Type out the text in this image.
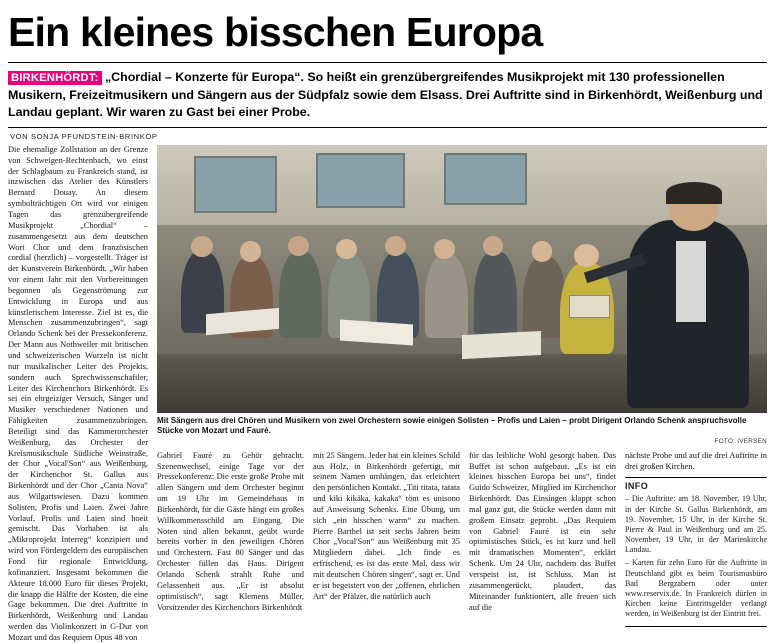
Ein kleines bisschen Europa
BIRKENHÖRDT: „Chordial – Konzerte für Europa“. So heißt ein grenzübergreifendes Musikprojekt mit 130 professionellen Musikern, Freizeitmusikern und Sängern aus der Südpfalz sowie dem Elsass. Drei Auftritte sind in Birkenhördt, Weißenburg und Landau geplant. Wir waren zu Gast bei einer Probe.
VON SONJA PFUNDSTEIN-BRINKOP
Die ehemalige Zollstation an der Grenze von Schweigen-Rechtenbach, wo einst der Schlagbaum zu Frankreich stand, ist inzwischen das Atelier des Künstlers Bernard Douay. An diesem symbolträchtigen Ort wird vor einigen Tagen das grenzübergreifende Musikprojekt „Chordial“ – zusammengesetzt aus dem deutschen Wort Chor und dem französischen cordial (herzlich) – vorgestellt. Träger ist der Kunstverein Birkenhördt. „Wir haben vor einem Jahr mit den Vorbereitungen begonnen als Gegenströmung zur Entwicklung in Europa und aus künstlerischem Interesse. Ziel ist es, die Menschen zusammenzubringen“, sagt Orlando Schenk bei der Pressekonferenz. Der Mann aus Nothweiler mit britischen und schweizerischen Wurzeln ist nicht nur musikalischer Leiter des Projekts, sondern auch Sprechwissenschaftler, Leiter des Kirchenchors Birkenhördt. Es sei ein ehrgeiziger Versuch, Sänger und Musiker verschiedener Nationen und Fähigkeiten zusammenzubringen. Beteiligt sind das Kammerorchester Weißenburg, das Orchester der Kreismusikschule Südliche Weinstraße, der Chor „Vocal'Son“ aus Weißenburg, der Kirchenchor St. Gallus aus Birkenhördt und der Chor „Canta Nova“ aus Wilgartswiesen. Dazu kommen Solisten, Profis und Laien. Zwei Jahre Vorlauf, Profis und Laien sind hoeit gemischt. Das Vorhaben ist als „Mikroprojekt Interreg“ konzipiert und wird von Fördergeldern des europäischen Fond für regionale Entwicklung, kofinanziert. Insgesamt bekommen die Akteure 18.000 Euro für dieses Projekt, die knapp die Hälfte der Kosten, die eine Gage bekommen. Die drei Auftritte in Birkenhördt, Weißenburg und Landau werden das Violinkonzert in G-Dur von Mozart und das Requiem Opus 48 von
Mit Sängern aus drei Chören und Musikern von zwei Orchestern sowie einigen Solisten – Profis und Laien – probt Dirigent Orlando Schenk anspruchsvolle Stücke von Mozart und Fauré.
FOTO: IVERSEN
Gabriel Fauré zu Gehör gebracht. Szenenwechsel, einige Tage vor der Pressekonferenz: Die erste große Probe mit allen Sängern und dem Orchester beginnt um 19 Uhr im Gemeindehaus in Birkenhördt, für die Gäste hängt ein großes Willkommensschild am Eingang. Die Noten sind allen bekannt, geübt wurde bereits vorher in den jeweiligen Chören und Orchestern. Fast 80 Sänger und das Orchester füllen das Haus. Dirigent Orlando Schenk strahlt Ruhe und Gelassenheit aus. „Er ist absolut optimistisch“, sagt Klemens Müller, Vorsitzender des Kirchenchors Birkenhördt
mit 25 Sängern. Jeder hat ein kleines Schild aus Holz, in Birkenhördt gefertigt, mit seinem Namen umhängen, das erleichtert den persönlichen Kontakt. „Titi titata, tatata und kiki kikäka, kakaka“ tönt es unisono auf Anweisung Schenks. Eine Übung, um sich „ein bisschen warm“ zu machen. Pierre Barthel ist seit sechs Jahren beim Chor „Vocal'Son“ aus Weißenburg mit 35 Mitgliedern dabei. „Ich finde es erfrischend, es ist das erste Mal, dass wir mit deutschen Chören singen“, sagt er. Und er ist begeistert von der „offenen, ehrlichen Art“ der Pfälzer, die natürlich auch
für das leibliche Wohl gesorgt haben. Das Buffet ist schon aufgebaut. „Es ist ein kleines bisschen Europa bei uns“, findet Guido Schweizer, Mitglied im Kirchenchor Birkenhördt. Das Einsingen klappt schon mal ganz gut, die Stücke werden dann mit großem Einsatz geprobt. „Das Requiem von Gabriel Fauré ist ein sehr optimistisches Stück, es ist kurz und hell mit dramatischen Momenten“, erklärt Schenk. Um 24 Uhr, nachdem das Buffet verspeist ist, ist Schluss. Man ist zusammengerückt, plaudert, das Miteinander funktioniert, alle freuen sich auf die
nächste Probe und auf die drei Auftritte in drei großen Kirchen.
INFO
– Die Auftritte: am 18. November, 19 Uhr, in der Kirche St. Gallus Birkenhördt, am 19. November, 15 Uhr, in der Kirche St. Pierre & Paul in Weißenburg und am 25. November, 19 Uhr, in der Marienkirche Landau.
– Karten für zehn Euro für die Auftritte in Deutschland gibt es beim Tourismusbüro Bad Bergzabern oder unter www.reservix.de. In Frankreich dürfen in Kirchen keine Eintrittsgelder verlangt werden, in Weißenburg ist der Eintritt frei.
